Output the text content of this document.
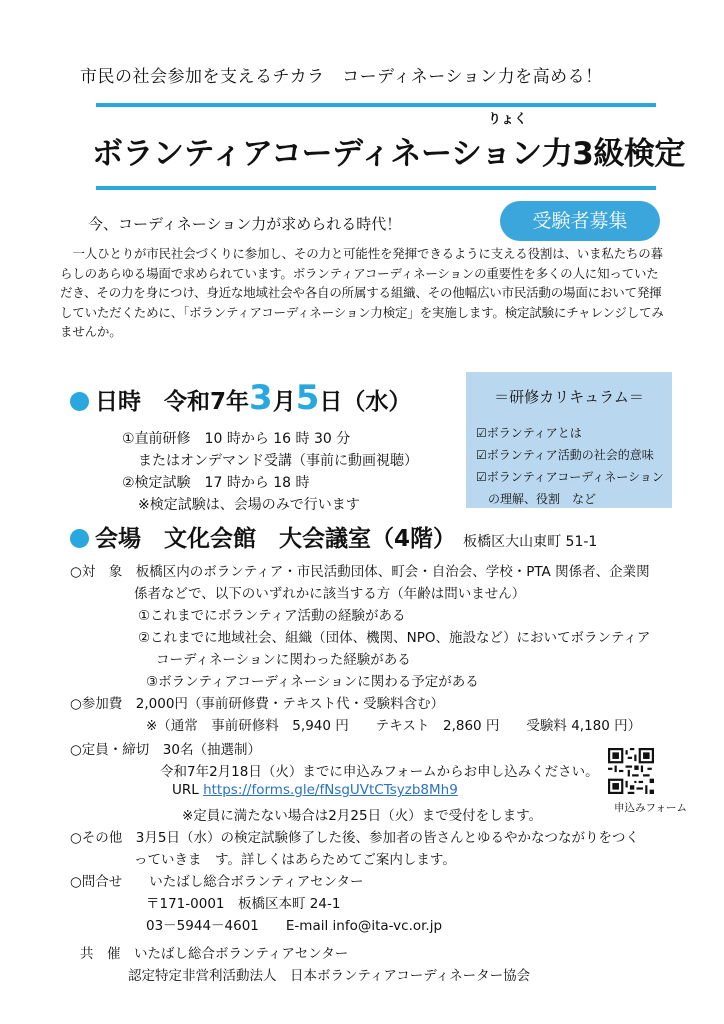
市民の社会参加を支えるチカラ　コーディネーション力を高める！
りょく
ボランティアコーディネーション力3級検定
今、コーディネーション力が求められる時代！	受験者募集
一人ひとりが市民社会づくりに参加し、その力と可能性を発揮できるように支える役割は、いま私たちの暮らしのあらゆる場面で求められています。ボランティアコーディネーションの重要性を多くの人に知っていただき、その力を身につけ、身近な地域社会や各自の所属する組織、その他幅広い市民活動の場面において発揮していただくために、「ボランティアコーディネーション力検定」を実施します。検定試験にチャレンジしてみませんか。
日時　 令和7年3月5日（水）
①直前研修　10 時から 16 時 30 分
またはオンデマンド受講（事前に動画視聴）
②検定試験　17 時から 18 時
※検定試験は、会場のみで行います
＝研修カリキュラム＝
☑ボランティアとは
☑ボランティア活動の社会的意味
☑ボランティアコーディネーション
　の理解、役割　など
会場　文化会館　大会議室（4階） 板橋区大山東町 51-1
○対　象　板橋区内のボランティア・市民活動団体、町会・自治会、学校・PTA 関係者、企業関
係者などで、以下のいずれかに該当する方（年齢は問いません）
①これまでにボランティア活動の経験がある
②これまでに地域社会、組織（団体、機関、NPO、施設など）においてボランティア
コーディネーションに関わった経験がある
③ボランティアコーディネーションに関わる予定がある
○参加費　2,000円（事前研修費・テキスト代・受験料含む）
※（通常　事前研修料　5,940 円　　テキスト　2,860 円　　受験料 4,180 円）
○定員・締切　30名（抽選制）
令和7年2月18日（火）までに申込みフォームからお申し込みください。
URL https://forms.gle/fNsgUVtCTsyzb8Mh9
※定員に満たない場合は2月25日（火）まで受付をします。	申込みフォーム
○その他　3月5日（水）の検定試験修了した後、参加者の皆さんとゆるやかなつながりをつく
っていきま　す。詳しくはあらためてご案内します。
○問合せ　　いたばし総合ボランティアセンター
〒171-0001　板橋区本町 24-1
03－5944－4601　　E-mail info@ita-vc.or.jp
共　催　 いたばし総合ボランティアセンター
認定特定非営利活動法人　日本ボランティアコーディネーター協会
